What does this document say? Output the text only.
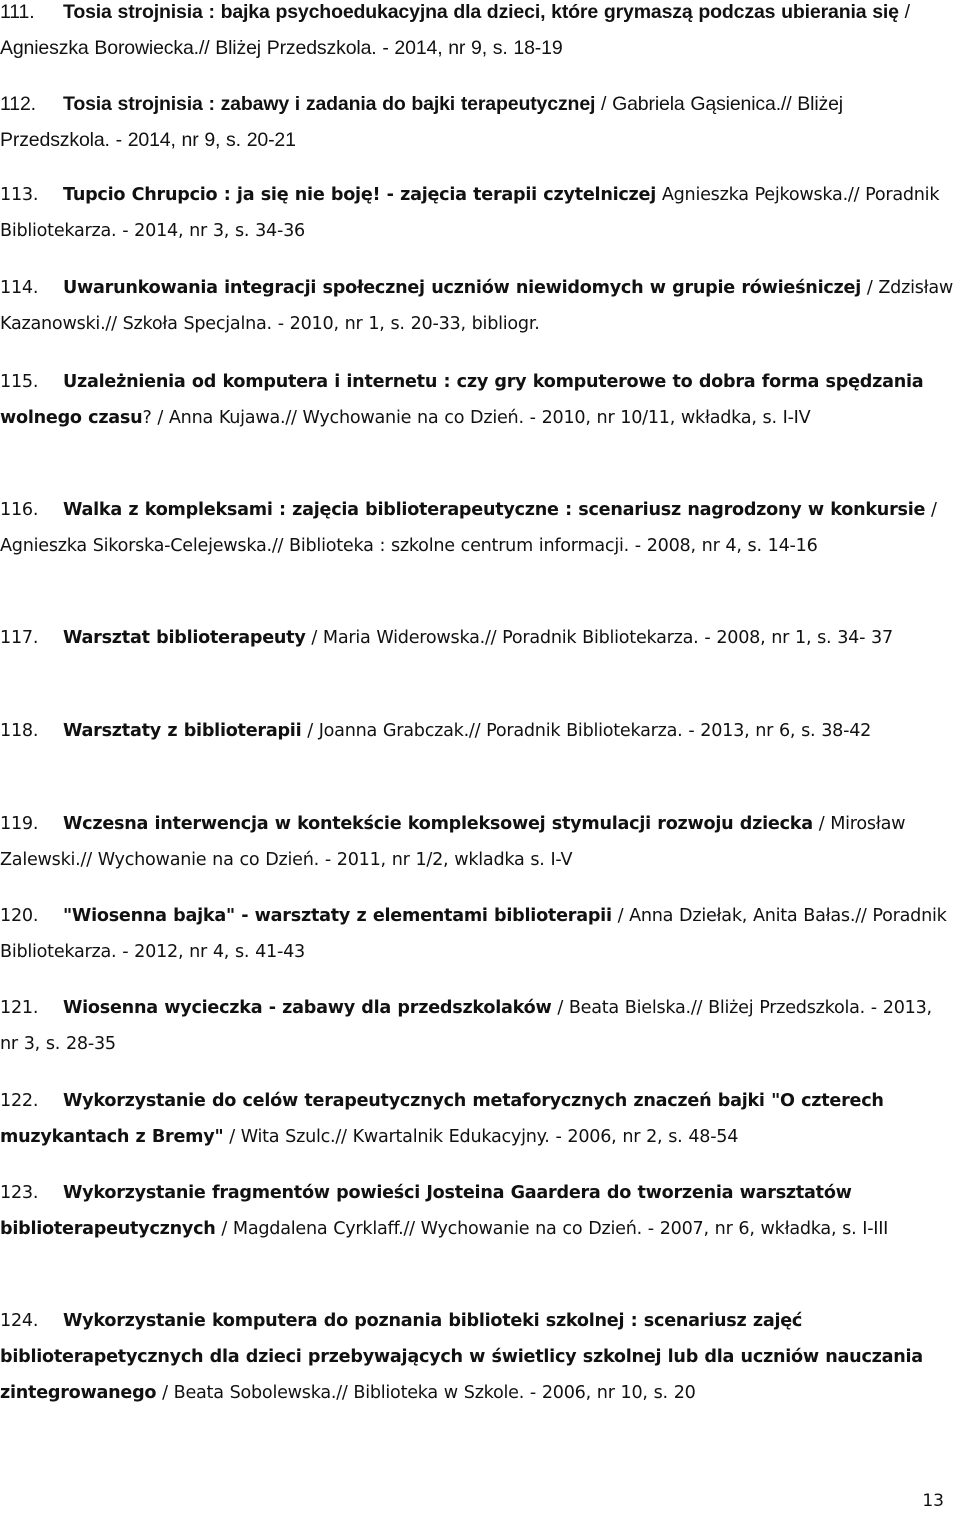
111. Tosia strojnisia : bajka psychoedukacyjna dla dzieci, które grymaszą podczas ubierania się / Agnieszka Borowiecka.// Bliżej Przedszkola. - 2014, nr 9, s. 18-19

112. Tosia strojnisia : zabawy i zadania do bajki terapeutycznej / Gabriela Gąsienica.// Bliżej Przedszkola. - 2014, nr 9, s. 20-21

113. Tupcio Chrupcio : ja się nie boję! - zajęcia terapii czytelniczej Agnieszka Pejkowska.// Poradnik Bibliotekarza. - 2014, nr 3, s. 34-36

114. Uwarunkowania integracji społecznej uczniów niewidomych w grupie rówieśniczej / Zdzisław Kazanowski.// Szkoła Specjalna. - 2010, nr 1, s. 20-33, bibliogr.

115. Uzależnienia od komputera i internetu : czy gry komputerowe to dobra forma spędzania wolnego czasu? / Anna Kujawa.// Wychowanie na co Dzień. - 2010, nr 10/11, wkładka, s. I-IV

116. Walka z kompleksami : zajęcia biblioterapeutyczne : scenariusz nagrodzony w konkursie / Agnieszka Sikorska-Celejewska.// Biblioteka : szkolne centrum informacji. - 2008, nr 4, s. 14-16

117. Warsztat biblioterapeuty / Maria Widerowska.// Poradnik Bibliotekarza. - 2008, nr 1, s. 34- 37

118. Warsztaty z biblioterapii / Joanna Grabczak.// Poradnik Bibliotekarza. - 2013, nr 6, s. 38-42

119. Wczesna interwencja w kontekście kompleksowej stymulacji rozwoju dziecka / Mirosław Zalewski.// Wychowanie na co Dzień. - 2011, nr 1/2, wkladka s. I-V

120. "Wiosenna bajka" - warsztaty z elementami biblioterapii / Anna Dziełak, Anita Bałas.// Poradnik Bibliotekarza. - 2012, nr 4, s. 41-43

121. Wiosenna wycieczka - zabawy dla przedszkolaków / Beata Bielska.// Bliżej Przedszkola. - 2013, nr 3, s. 28-35

122. Wykorzystanie do celów terapeutycznych metaforycznych znaczeń bajki "O czterech muzykantach z Bremy" / Wita Szulc.// Kwartalnik Edukacyjny. - 2006, nr 2, s. 48-54

123. Wykorzystanie fragmentów powieści Josteina Gaardera do tworzenia warsztatów biblioterapeutycznych / Magdalena Cyrklaff.// Wychowanie na co Dzień. - 2007, nr 6, wkładka, s. I-III

124. Wykorzystanie komputera do poznania biblioteki szkolnej : scenariusz zajęć biblioterapetycznych dla dzieci przebywających w świetlicy szkolnej lub dla uczniów nauczania zintegrowanego / Beata Sobolewska.// Biblioteka w Szkole. - 2006, nr 10, s. 20

13
